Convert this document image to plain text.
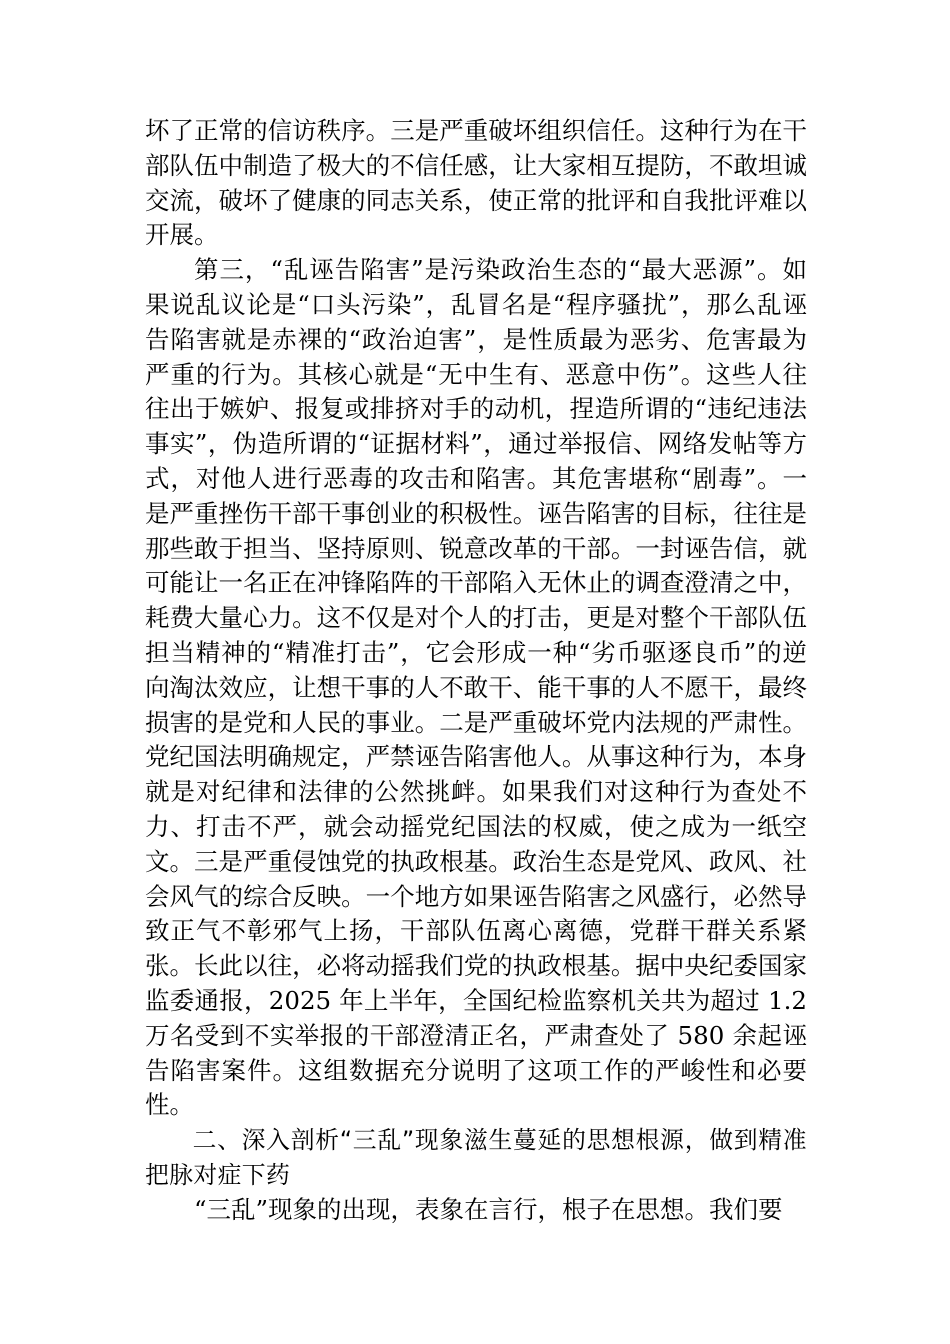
坏了正常的信访秩序。三是严重破坏组织信任。这种行为在干部队伍中制造了极大的不信任感，让大家相互提防，不敢坦诚交流，破坏了健康的同志关系，使正常的批评和自我批评难以开展。

第三，“乱诬告陷害”是污染政治生态的“最大恶源”。如果说乱议论是“口头污染”，乱冒名是“程序骚扰”，那么乱诬告陷害就是赤裸的“政治迫害”，是性质最为恶劣、危害最为严重的行为。其核心就是“无中生有、恶意中伤”。这些人往往出于嫉妒、报复或排挤对手的动机，捏造所谓的“违纪违法事实”，伪造所谓的“证据材料”，通过举报信、网络发帖等方式，对他人进行恶毒的攻击和陷害。其危害堪称“剧毒”。一是严重挫伤干部干事创业的积极性。诬告陷害的目标，往往是那些敢于担当、坚持原则、锐意改革的干部。一封诬告信，就可能让一名正在冲锋陷阵的干部陷入无休止的调查澄清之中，耗费大量心力。这不仅是对个人的打击，更是对整个干部队伍担当精神的“精准打击”，它会形成一种“劣币驱逐良币”的逆向淘汰效应，让想干事的人不敢干、能干事的人不愿干，最终损害的是党和人民的事业。二是严重破坏党内法规的严肃性。党纪国法明确规定，严禁诬告陷害他人。从事这种行为，本身就是对纪律和法律的公然挑衅。如果我们对这种行为查处不力、打击不严，就会动摇党纪国法的权威，使之成为一纸空文。三是严重侵蚀党的执政根基。政治生态是党风、政风、社会风气的综合反映。一个地方如果诬告陷害之风盛行，必然导致正气不彰邪气上扬，干部队伍离心离德，党群干群关系紧张。长此以往，必将动摇我们党的执政根基。据中央纪委国家监委通报，2025 年上半年，全国纪检监察机关共为超过 1.2 万名受到不实举报的干部澄清正名，严肃查处了 580 余起诬告陷害案件。这组数据充分说明了这项工作的严峻性和必要性。

二、深入剖析“三乱”现象滋生蔓延的思想根源，做到精准把脉对症下药

“三乱”现象的出现，表象在言行，根子在思想。我们要
